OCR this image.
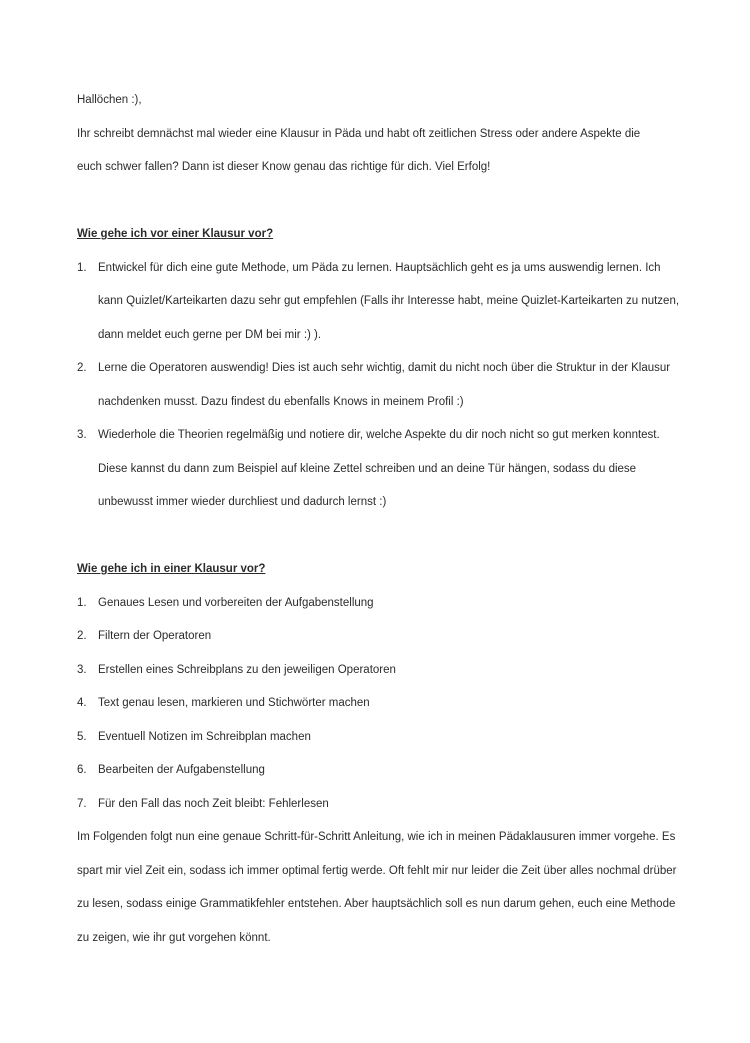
Hallöchen :),

Ihr schreibt demnächst mal wieder eine Klausur in Päda und habt oft zeitlichen Stress oder andere Aspekte die

euch schwer fallen? Dann ist dieser Know genau das richtige für dich. Viel Erfolg!

Wie gehe ich vor einer Klausur vor?

1. Entwickel für dich eine gute Methode, um Päda zu lernen. Hauptsächlich geht es ja ums auswendig lernen. Ich kann Quizlet/Karteikarten dazu sehr gut empfehlen (Falls ihr Interesse habt, meine Quizlet-Karteikarten zu nutzen, dann meldet euch gerne per DM bei mir :) ).
2. Lerne die Operatoren auswendig! Dies ist auch sehr wichtig, damit du nicht noch über die Struktur in der Klausur nachdenken musst. Dazu findest du ebenfalls Knows in meinem Profil :)
3. Wiederhole die Theorien regelmäßig und notiere dir, welche Aspekte du dir noch nicht so gut merken konntest. Diese kannst du dann zum Beispiel auf kleine Zettel schreiben und an deine Tür hängen, sodass du diese unbewusst immer wieder durchliest und dadurch lernst :)

Wie gehe ich in einer Klausur vor?

1. Genaues Lesen und vorbereiten der Aufgabenstellung
2. Filtern der Operatoren
3. Erstellen eines Schreibplans zu den jeweiligen Operatoren
4. Text genau lesen, markieren und Stichwörter machen
5. Eventuell Notizen im Schreibplan machen
6. Bearbeiten der Aufgabenstellung
7. Für den Fall das noch Zeit bleibt: Fehlerlesen

Im Folgenden folgt nun eine genaue Schritt-für-Schritt Anleitung, wie ich in meinen Pädaklausuren immer vorgehe. Es spart mir viel Zeit ein, sodass ich immer optimal fertig werde. Oft fehlt mir nur leider die Zeit über alles nochmal drüber zu lesen, sodass einige Grammatikfehler entstehen. Aber hauptsächlich soll es nun darum gehen, euch eine Methode zu zeigen, wie ihr gut vorgehen könnt.
